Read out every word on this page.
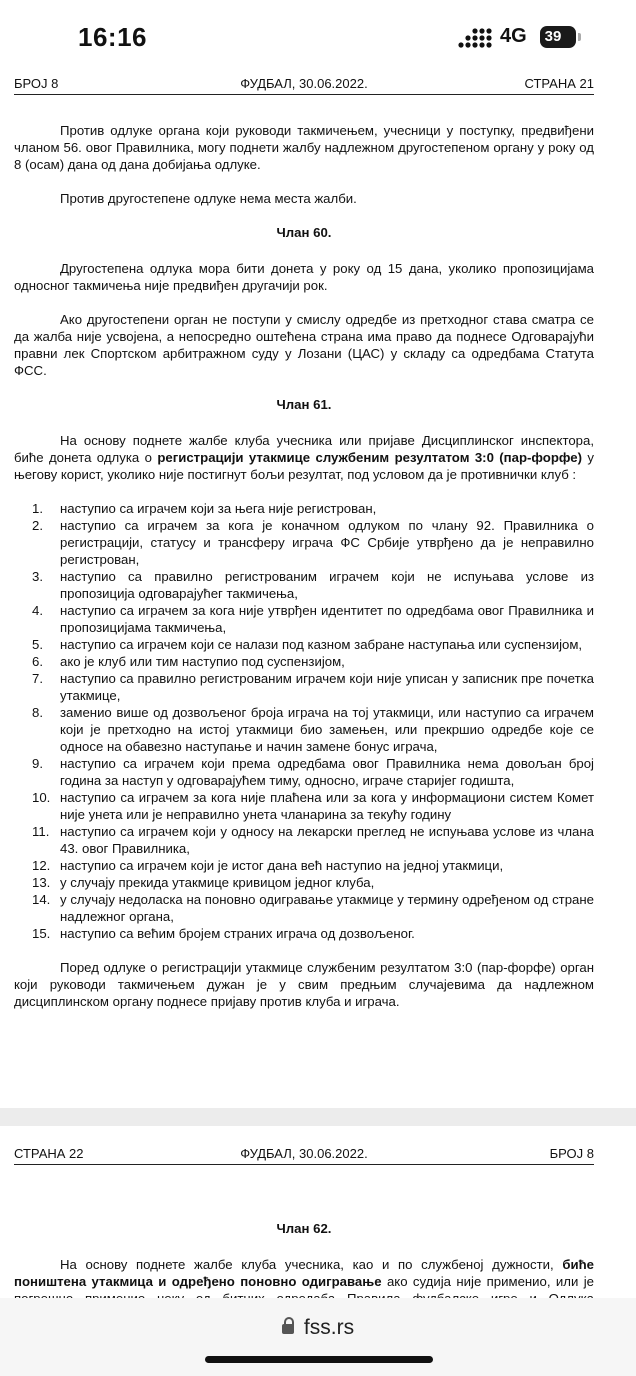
16:16	4G	39
БРОЈ 8	ФУДБАЛ, 30.06.2022.	СТРАНА 21

Против одлуке органа који руководи такмичењем, учесници у поступку, предвиђени чланом 56. овог Правилника, могу поднети жалбу надлежном другостепеном органу у року од 8 (осам) дана од дана добијања одлуке.

Против другостепене одлуке нема места жалби.

Члан 60.

Другостепена одлука мора бити донета у року од 15 дана, уколико пропозицијама односног такмичења није предвиђен другачији рок.

Ако другостепени орган не поступи у смислу одредбе из претходног става сматра се да жалба није усвојена, а непосредно оштећена страна има право да поднесе Одговарајући правни лек Спортском арбитражном суду у Лозани (ЦАС) у складу са одредбама Статута ФСС.

Члан 61.

На основу поднете жалбе клуба учесника или пријаве Дисциплинског инспектора, биће донета одлука о регистрацији утакмице службеним резултатом 3:0 (пар-форфе) у његову корист, уколико није постигнут бољи резултат, под условом да је противнички клуб :

1. наступио са играчем који за њега није регистрован,
2. наступио са играчем за кога је коначном одлуком по члану 92. Правилника о регистрацији, статусу и трансферу играча ФС Србије утврђено да је неправилно регистрован,
3. наступио са правилно регистрованим играчем који не испуњава услове из пропозиција одговарајућег такмичења,
4. наступио са играчем за кога није утврђен идентитет по одредбама овог Правилника и пропозицијама такмичења,
5. наступио са играчем који се налази под казном забране наступања или суспензијом,
6. ако је клуб или тим наступио под суспензијом,
7. наступио са правилно регистрованим играчем који није уписан у записник пре почетка утакмице,
8. заменио више од дозвољеног броја играча на тој утакмици, или наступио са играчем који је претходно на истој утакмици био замењен, или прекршио одредбе које се односе на обавезно наступање и начин замене бонус играча,
9. наступио са играчем који према одредбама овог Правилника нема довољан број година за наступ у одговарајућем тиму, односно, играче старијег годишта,
10. наступио са играчем за кога није плаћена или за кога у информациони систем Комет није унета или је неправилно унета чланарина за текућу годину
11. наступио са играчем који у односу на лекарски преглед не испуњава услове из члана 43. овог Правилника,
12. наступио са играчем који је истог дана већ наступио на једној утакмици,
13. у случају прекида утакмице кривицом једног клуба,
14. у случају недоласка на поновно одигравање утакмице у термину одређеном од стране надлежног органа,
15. наступио са већим бројем страних играча од дозвољеног.

Поред одлуке о регистрацији утакмице службеним резултатом 3:0 (пар-форфе) орган који руководи такмичењем дужан је у свим предњим случајевима да надлежном дисциплинском органу поднесе пријаву против клуба и играча.

СТРАНА 22	ФУДБАЛ, 30.06.2022.	БРОЈ 8

Члан 62.

На основу поднете жалбе клуба учесника, као и по службеној дужности, биће поништена утакмица и одређено поновно одигравање ако судија није применио, или је

fss.rs
